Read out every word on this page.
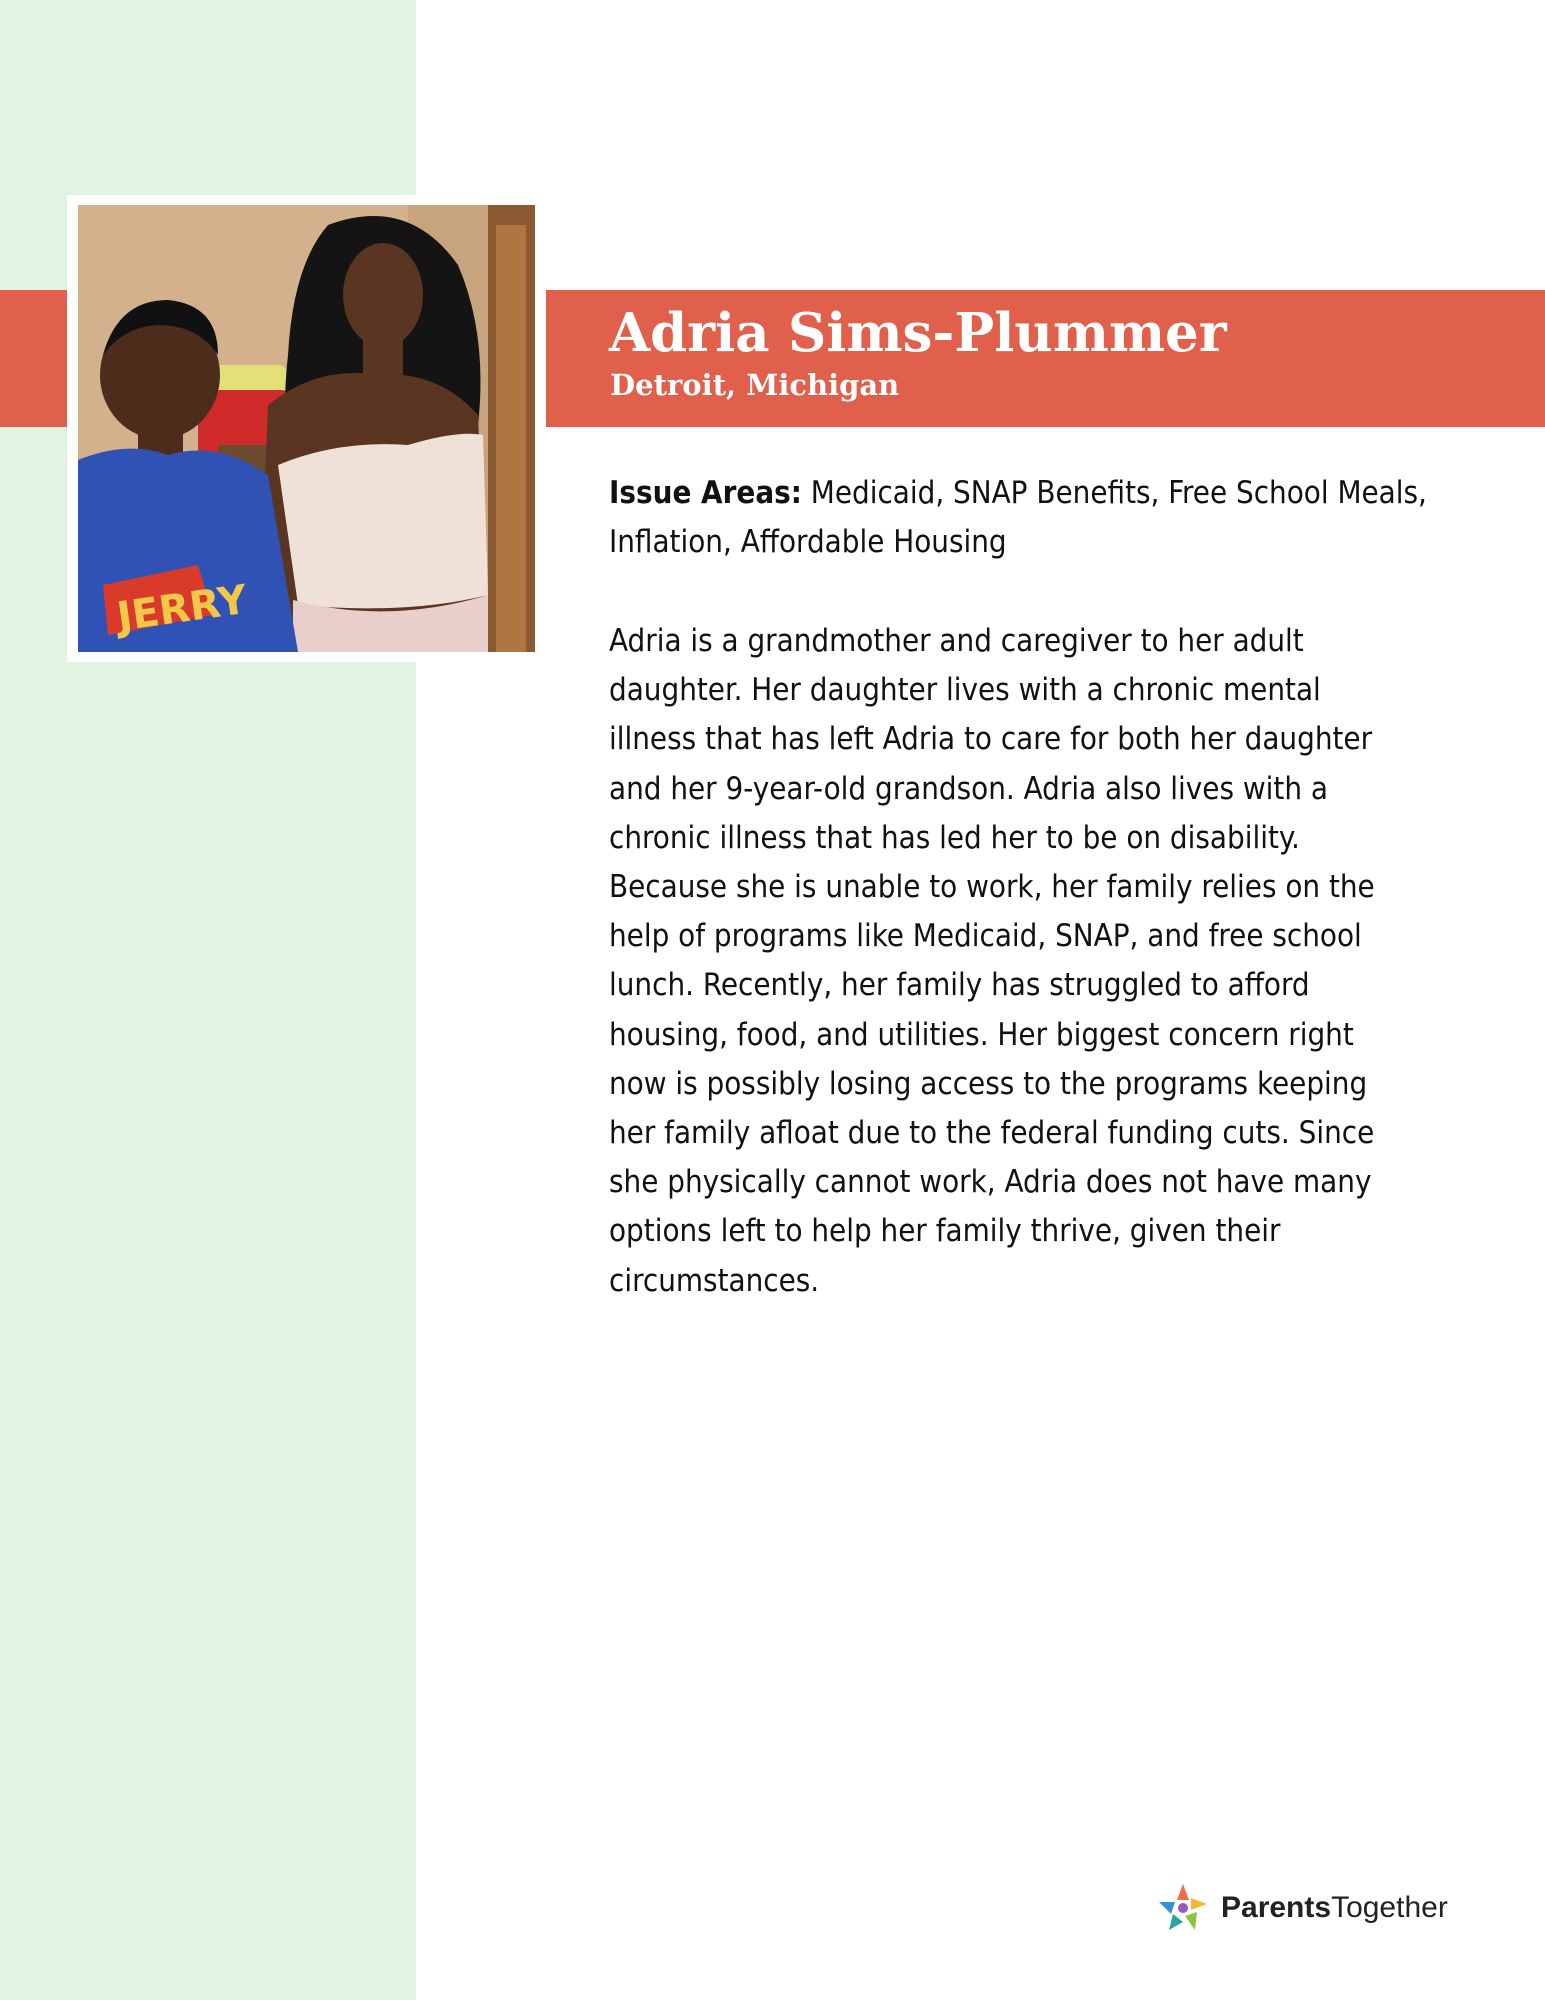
JERRY
Adria Sims-Plummer

Detroit, Michigan

Issue Areas: Medicaid, SNAP Benefits, Free School Meals, Inflation, Affordable Housing

Adria is a grandmother and caregiver to her adult daughter. Her daughter lives with a chronic mental illness that has left Adria to care for both her daughter and her 9-year-old grandson. Adria also lives with a chronic illness that has led her to be on disability. Because she is unable to work, her family relies on the help of programs like Medicaid, SNAP, and free school lunch. Recently, her family has struggled to afford housing, food, and utilities. Her biggest concern right now is possibly losing access to the programs keeping her family afloat due to the federal funding cuts. Since she physically cannot work, Adria does not have many options left to help her family thrive, given their circumstances.

ParentsTogether
